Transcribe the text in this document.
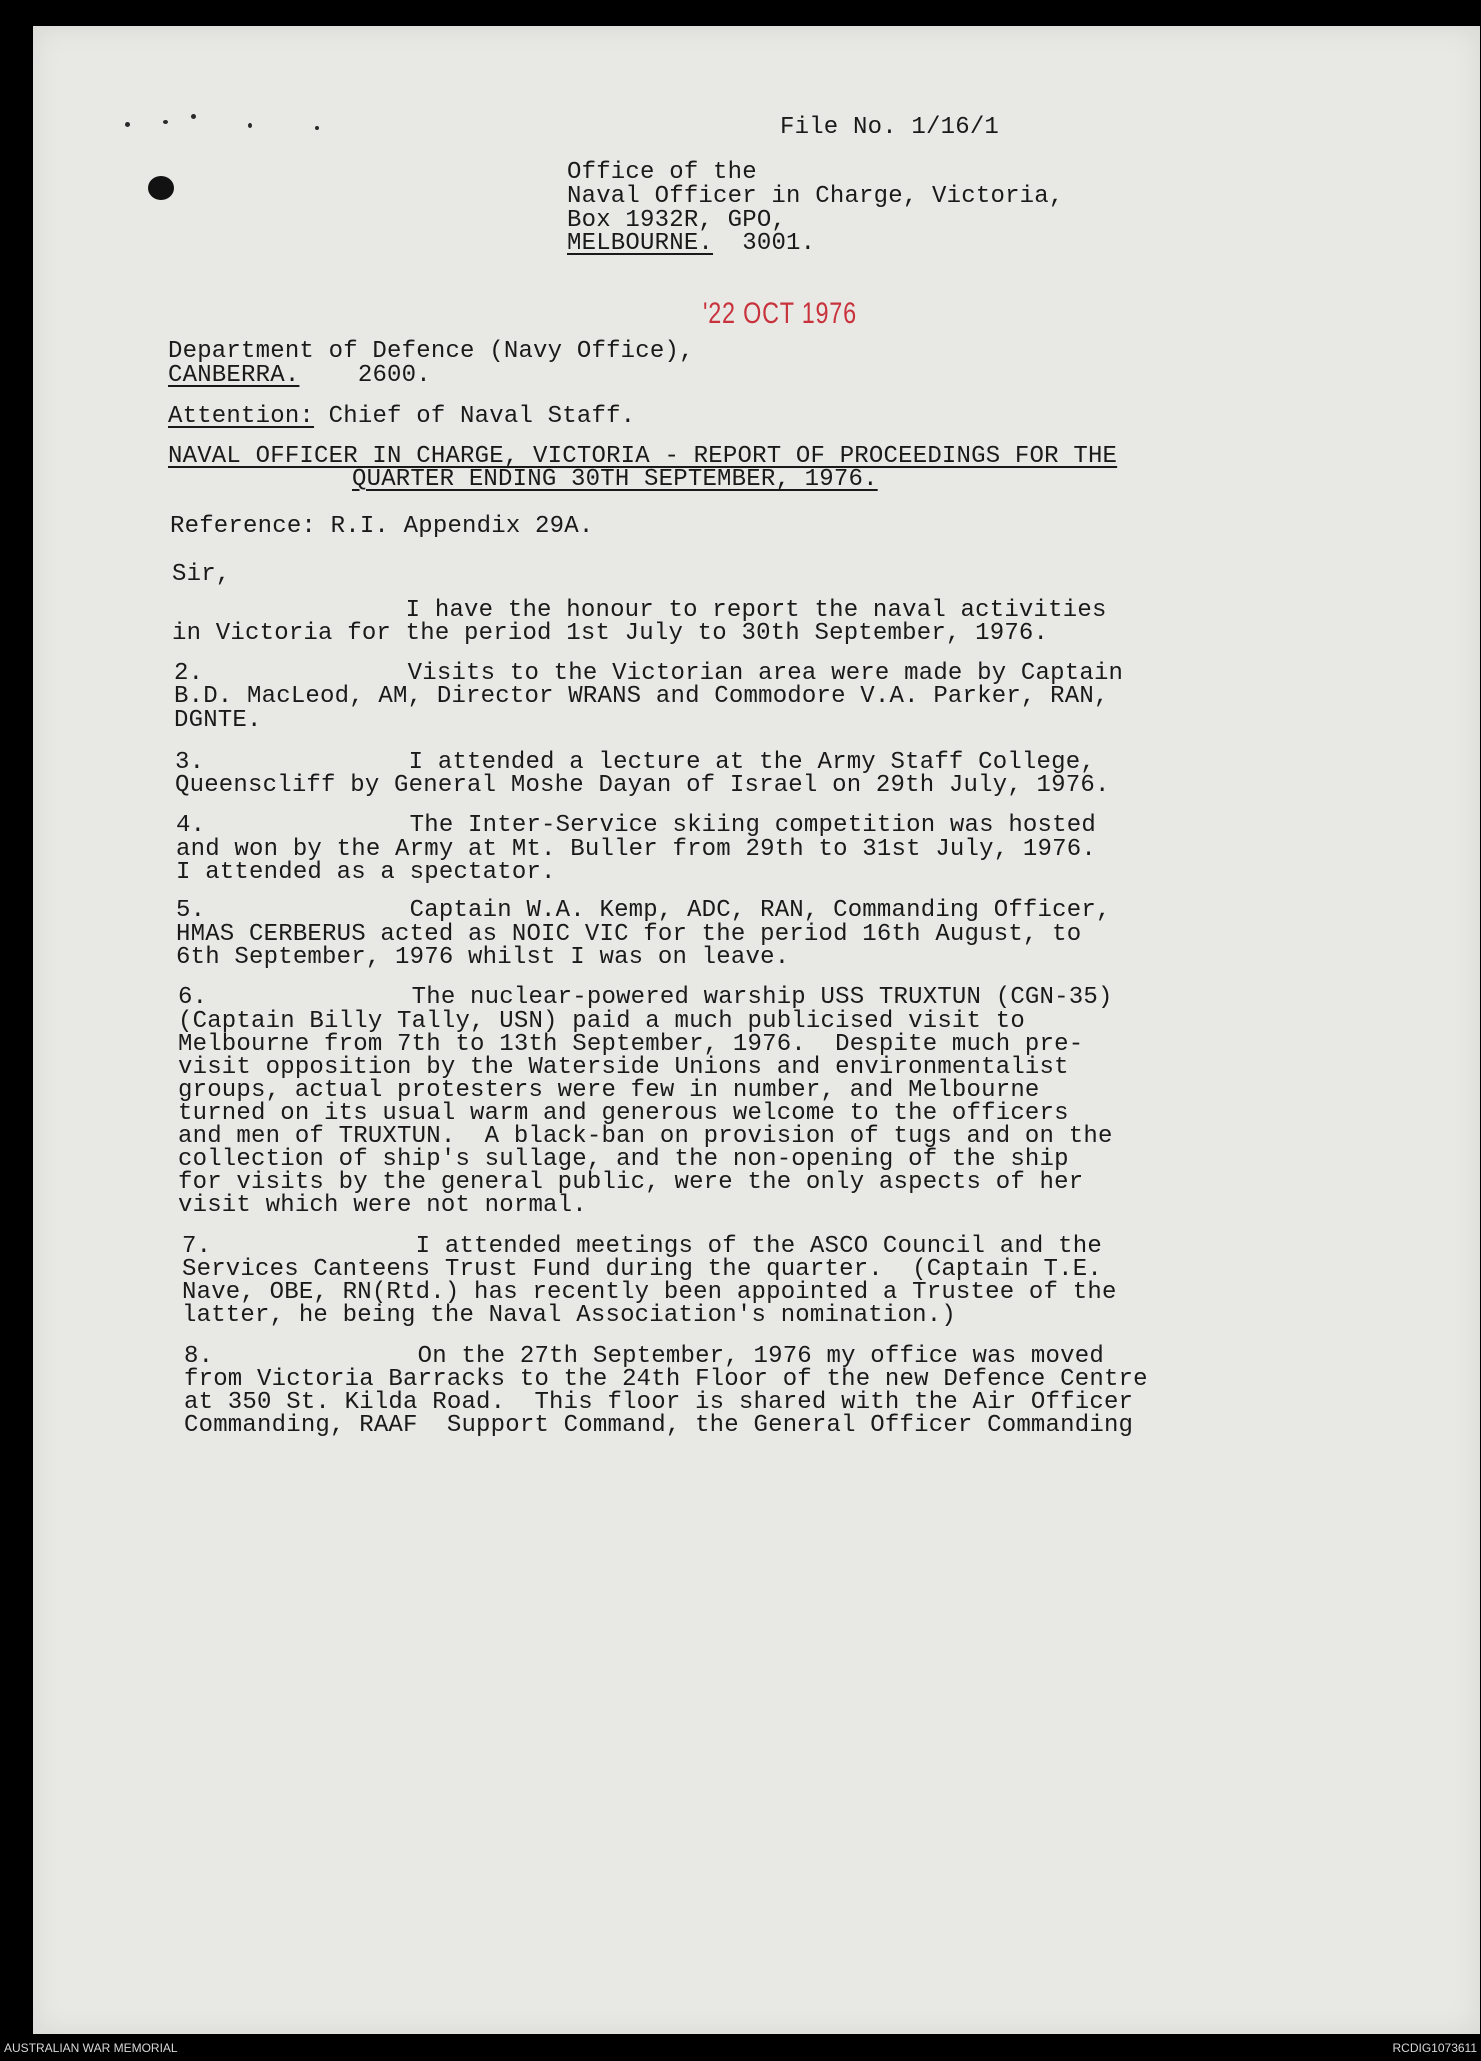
File No. 1/16/1
Office of the
Naval Officer in Charge, Victoria,
Box 1932R, GPO,
MELBOURNE. 3001.
'22 OCT 1976
Department of Defence (Navy Office),
CANBERRA. 2600.
Attention: Chief of Naval Staff.
NAVAL OFFICER IN CHARGE, VICTORIA - REPORT OF PROCEEDINGS FOR THE
QUARTER ENDING 30TH SEPTEMBER, 1976.
Reference: R.I. Appendix 29A.
Sir,
I have the honour to report the naval activities
in Victoria for the period 1st July to 30th September, 1976.
2.              Visits to the Victorian area were made by Captain
B.D. MacLeod, AM, Director WRANS and Commodore V.A. Parker, RAN,
DGNTE.
3.              I attended a lecture at the Army Staff College,
Queenscliff by General Moshe Dayan of Israel on 29th July, 1976.
4.              The Inter-Service skiing competition was hosted
and won by the Army at Mt. Buller from 29th to 31st July, 1976.
I attended as a spectator.
5.              Captain W.A. Kemp, ADC, RAN, Commanding Officer,
HMAS CERBERUS acted as NOIC VIC for the period 16th August, to
6th September, 1976 whilst I was on leave.
6.              The nuclear-powered warship USS TRUXTUN (CGN-35)
(Captain Billy Tally, USN) paid a much publicised visit to
Melbourne from 7th to 13th September, 1976.  Despite much pre-
visit opposition by the Waterside Unions and environmentalist
groups, actual protesters were few in number, and Melbourne
turned on its usual warm and generous welcome to the officers
and men of TRUXTUN.  A black-ban on provision of tugs and on the
collection of ship's sullage, and the non-opening of the ship
for visits by the general public, were the only aspects of her
visit which were not normal.
7.              I attended meetings of the ASCO Council and the
Services Canteens Trust Fund during the quarter.  (Captain T.E.
Nave, OBE, RN(Rtd.) has recently been appointed a Trustee of the
latter, he being the Naval Association's nomination.)
8.              On the 27th September, 1976 my office was moved
from Victoria Barracks to the 24th Floor of the new Defence Centre
at 350 St. Kilda Road.  This floor is shared with the Air Officer
Commanding, RAAF  Support Command, the General Officer Commanding
AUSTRALIAN WAR MEMORIAL	RCDIG1073611
